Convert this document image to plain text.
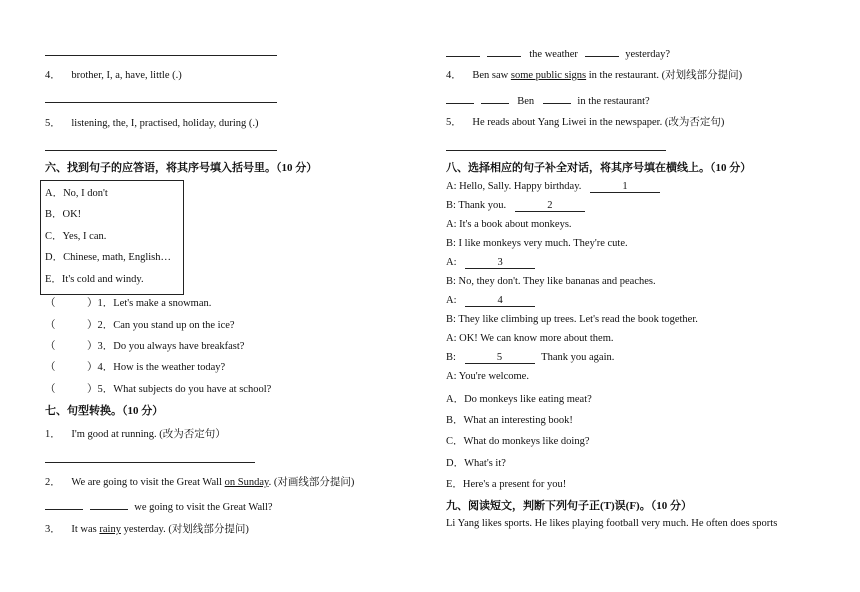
4． brother, I, a, have, little (.)
5． listening, the, I, practised, holiday, during (.)
六、找到句子的应答语，将其序号填入括号里。（10 分）
A．No, I don't
B．OK!
C．Yes, I can.
D．Chinese, math, English…
E．It's cold and windy.
（　　　）1．Let's make a snowman.
（　　　）2．Can you stand up on the ice?
（　　　）3．Do you always have breakfast?
（　　　）4．How is the weather today?
（　　　）5．What subjects do you have at school?
七、句型转换。（10 分）
1． I'm good at running. (改为否定句）
2． We are going to visit the Great Wall on Sunday. (对画线部分提问)
we going to visit the Great Wall?
3． It was rainy yesterday. (对划线部分提问)
the weather	yesterday?
4． Ben saw some public signs in the restaurant. (对划线部分提问)
Ben	in the restaurant?
5． He reads about Yang Liwei in the newspaper. (改为否定句)
八、选择相应的句子补全对话，将其序号填在横线上。（10 分）
A: Hello, Sally. Happy birthday.	1
B: Thank you.	2
A: It's a book about monkeys.
B: I like monkeys very much. They're cute.
A:	3
B: No, they don't. They like bananas and peaches.
A:	4
B: They like climbing up trees. Let's read the book together.
A: OK! We can know more about them.
B:	5	Thank you again.
A: You're welcome.
A．Do monkeys like eating meat?
B．What an interesting book!
C．What do monkeys like doing?
D．What's it?
E．Here's a present for you!
九、阅读短文，判断下列句子正(T)误(F)。（10 分）
Li Yang likes sports. He likes playing football very much. He often does sports
